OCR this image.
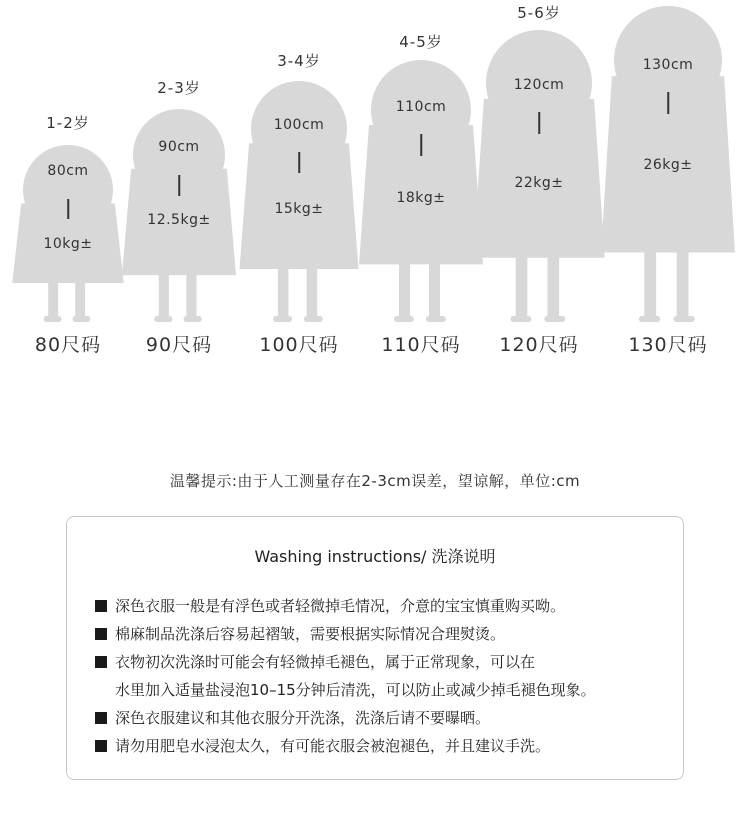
1-2岁
80cm
10kg±
80尺码
2-3岁
90cm
12.5kg±
90尺码
3-4岁
100cm
15kg±
100尺码
4-5岁
110cm
18kg±
110尺码
5-6岁
120cm
22kg±
120尺码
130cm
26kg±
130尺码
温馨提示:由于人工测量存在2-3cm误差，望谅解，单位:cm
Washing instructions/ 洗涤说明
深色衣服一般是有浮色或者轻微掉毛情况，介意的宝宝慎重购买呦。
棉麻制品洗涤后容易起褶皱，需要根据实际情况合理熨烫。
衣物初次洗涤时可能会有轻微掉毛褪色，属于正常现象，可以在
水里加入适量盐浸泡10–15分钟后清洗，可以防止或减少掉毛褪色现象。
深色衣服建议和其他衣服分开洗涤，洗涤后请不要曝晒。
请勿用肥皂水浸泡太久，有可能衣服会被泡褪色，并且建议手洗。
